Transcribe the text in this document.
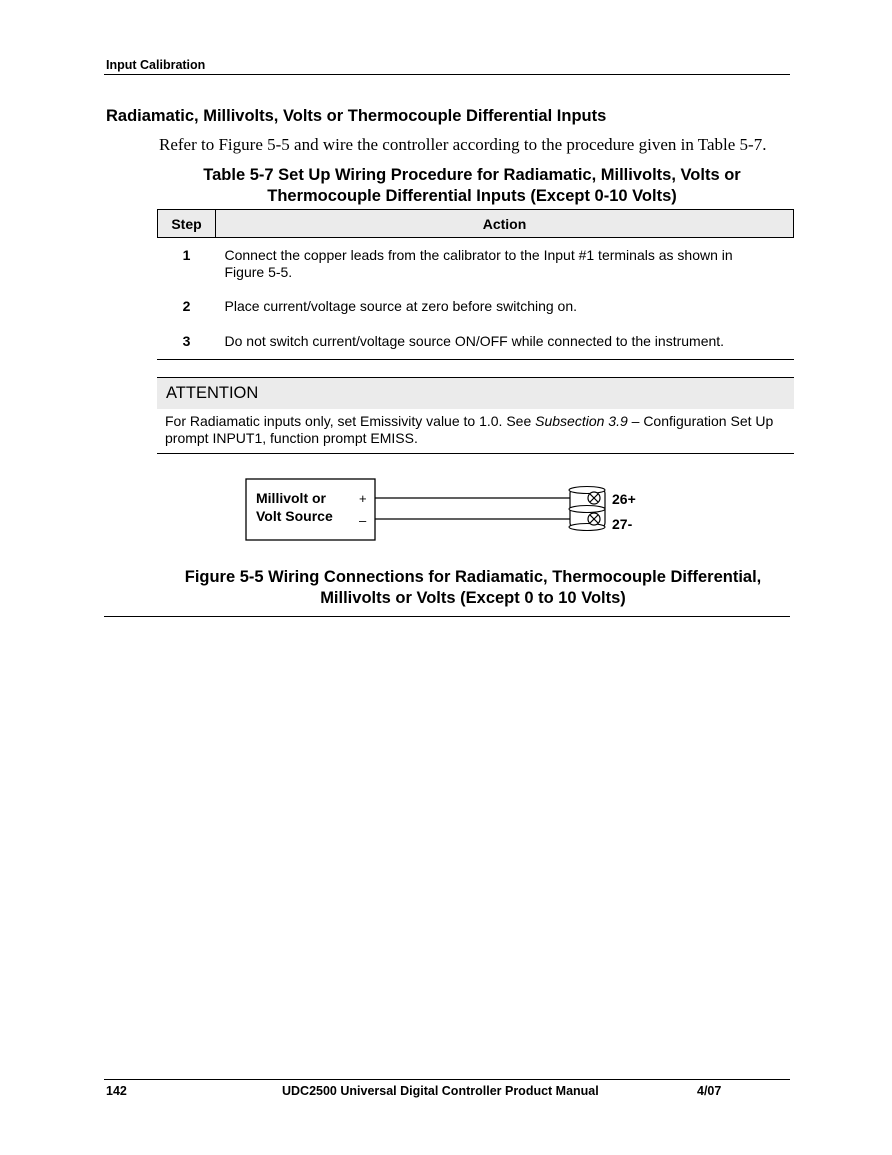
Input Calibration
Radiamatic, Millivolts, Volts or Thermocouple Differential Inputs
Refer to Figure 5-5 and wire the controller according to the procedure given in Table 5-7.
Table 5-7 Set Up Wiring Procedure for Radiamatic, Millivolts, Volts or
Thermocouple Differential Inputs (Except 0-10 Volts)
Step	Action
1	Connect the copper leads from the calibrator to the Input #1 terminals as shown in Figure 5-5.
2	Place current/voltage source at zero before switching on.
3	Do not switch current/voltage source ON/OFF while connected to the instrument.
ATTENTION
For Radiamatic inputs only, set Emissivity value to 1.0. See Subsection 3.9 – Configuration Set Up prompt INPUT1, function prompt EMISS.
Millivolt or
Volt Source
+
–
26+
27-
Figure 5-5 Wiring Connections for Radiamatic, Thermocouple Differential,
Millivolts or Volts (Except 0 to 10 Volts)
142	UDC2500 Universal Digital Controller Product Manual	4/07
